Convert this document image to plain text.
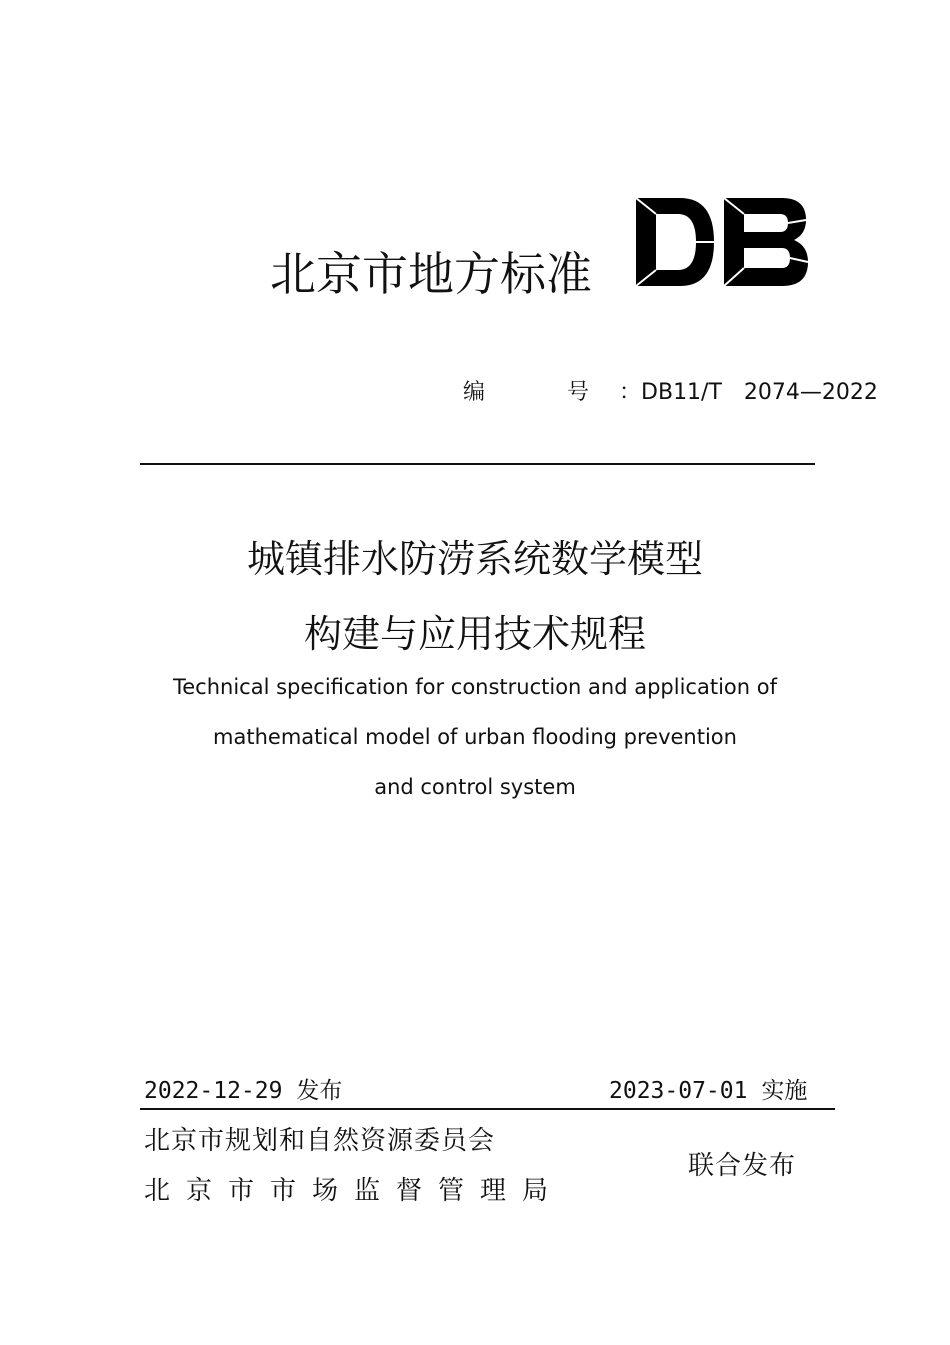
北京市地方标准
DB
编　号：DB11/T　2074—2022
城镇排水防涝系统数学模型
构建与应用技术规程
Technical specification for construction and application of
mathematical model of urban flooding prevention
and control system
2022-12-29 发布	2023-07-01 实施
北京市规划和自然资源委员会
北京市市场监督管理局
联合发布
